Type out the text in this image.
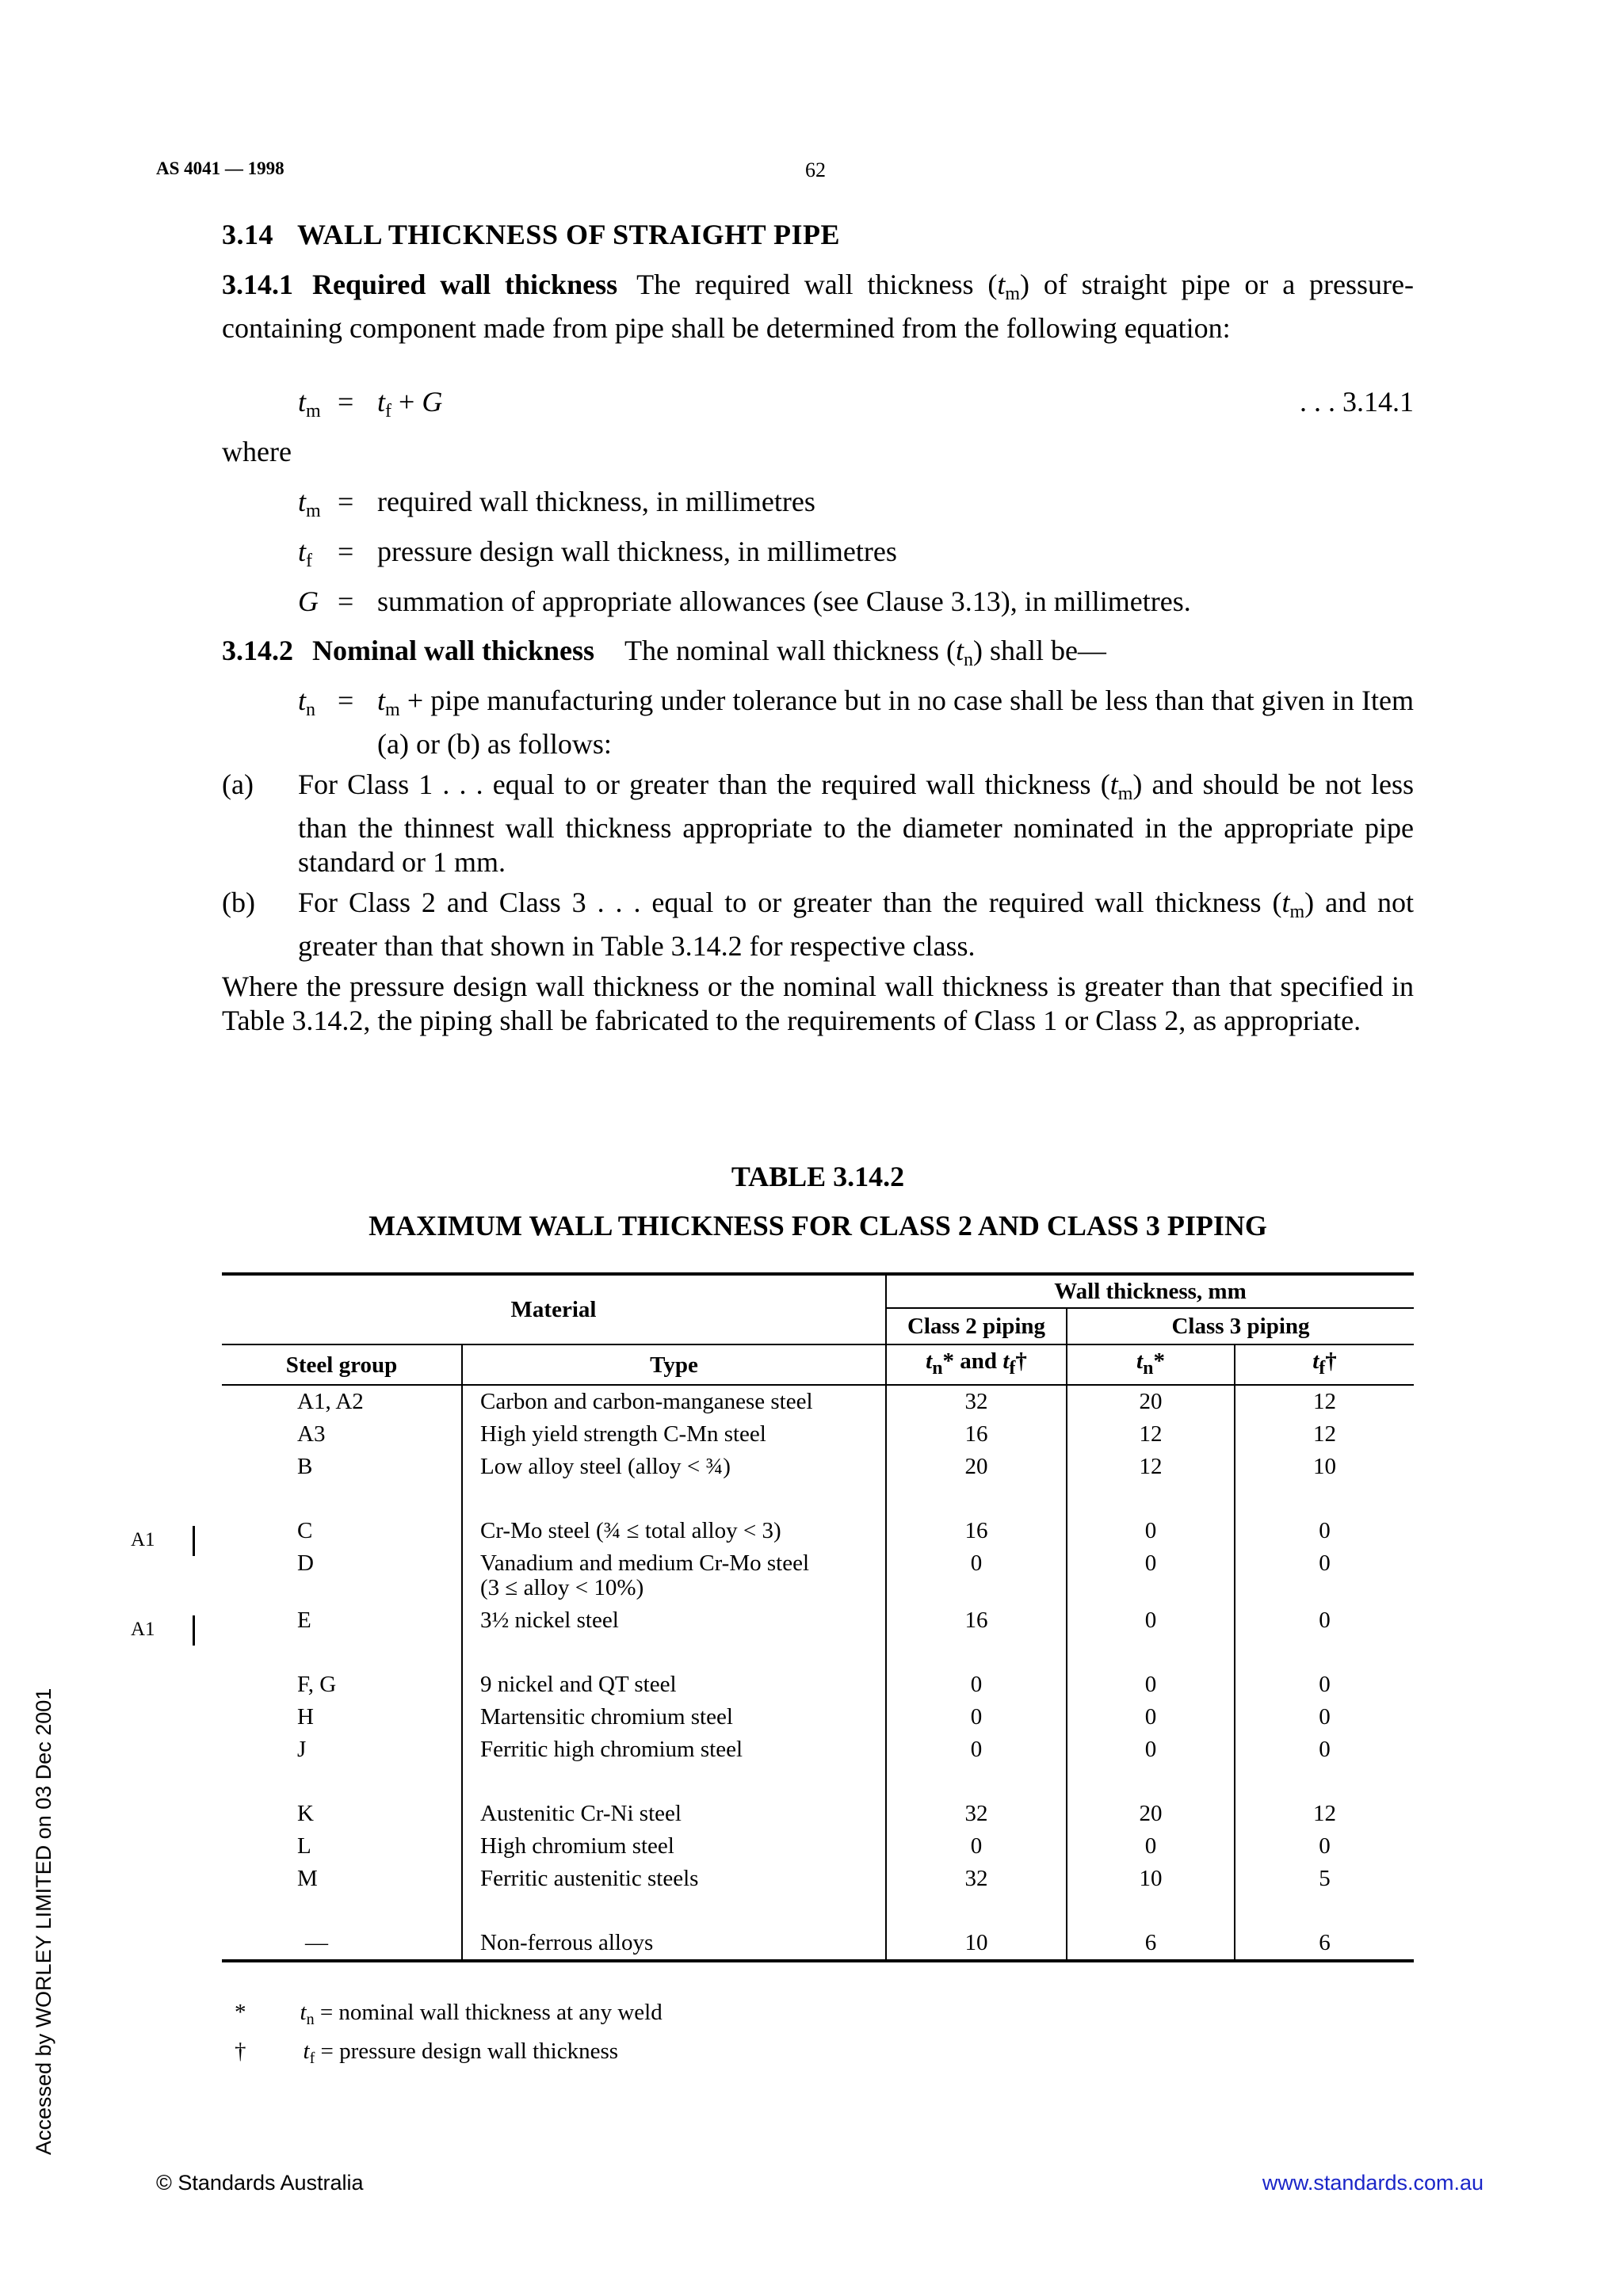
AS 4041 — 1998	62
3.14 WALL THICKNESS OF STRAIGHT PIPE
3.14.1 Required wall thickness The required wall thickness $(t_m)$ of straight pipe or a pressure-containing component made from pipe shall be determined from the following equation:
$t_m = t_f + G$	. . . 3.14.1
where
$t_m$ = required wall thickness, in millimetres
$t_f$ = pressure design wall thickness, in millimetres
G = summation of appropriate allowances (see Clause 3.13), in millimetres.
3.14.2 Nominal wall thickness The nominal wall thickness $(t_n)$ shall be—
$t_n = t_m$ + pipe manufacturing under tolerance but in no case shall be less than that given in Item (a) or (b) as follows:
(a) For Class 1 . . . equal to or greater than the required wall thickness $(t_m)$ and should be not less than the thinnest wall thickness appropriate to the diameter nominated in the appropriate pipe standard or 1 mm.
(b) For Class 2 and Class 3 . . . equal to or greater than the required wall thickness $(t_m)$ and not greater than that shown in Table 3.14.2 for respective class.
Where the pressure design wall thickness or the nominal wall thickness is greater than that specified in Table 3.14.2, the piping shall be fabricated to the requirements of Class 1 or Class 2, as appropriate.
TABLE 3.14.2
MAXIMUM WALL THICKNESS FOR CLASS 2 AND CLASS 3 PIPING
Material		Wall thickness, mm		
		Class 2 piping	Class 3 piping	
Steel group	Type	$t_n*$ and $t_f\dagger$	$t_n*$	$t_f\dagger$
A1, A2	Carbon and carbon-manganese steel	32	20	12
A3	High yield strength C-Mn steel	16	12	12
B	Low alloy steel (alloy < ¾)	20	12	10

C	Cr-Mo steel (¾ ≤ total alloy < 3)	16	0	0
D	Vanadium and medium Cr-Mo steel
(3 ≤ alloy < 10%)	0	0	0
E	3½ nickel steel	16	0	0

F, G	9 nickel and QT steel	0	0	0
H	Martensitic chromium steel	0	0	0
J	Ferritic high chromium steel	0	0	0

K	Austenitic Cr-Ni steel	32	20	12
L	High chromium steel	0	0	0
M	Ferritic austenitic steels	32	10	5

—	Non-ferrous alloys	10	6	6
A1
A1
* $t_n$ = nominal wall thickness at any weld
† $t_f$ = pressure design wall thickness
Accessed by WORLEY LIMITED on 03 Dec 2001
© Standards Australia	www.standards.com.au
